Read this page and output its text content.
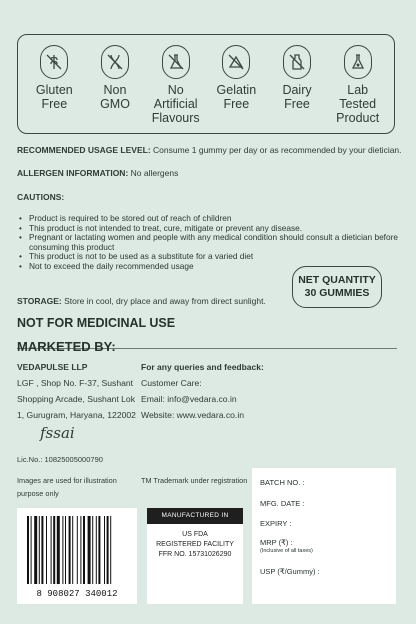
Gluten
Free
Non
GMO
No Artificial
Flavours
Gelatin
Free
Dairy
Free
Lab Tested
Product
RECOMMENDED USAGE LEVEL: Consume 1 gummy per day or as recommended by your dietician.
ALLERGEN INFORMATION: No allergens
CAUTIONS:
• Product is required to be stored out of reach of children
• This product is not intended to treat, cure, mitigate or prevent any disease.
• Pregnant or lactating women and people with any medical condition should consult a dietician before
consuming this product
• This product is not to be used as a substitute for a varied diet
• Not to exceed the daily recommended usage
NET QUANTITY
30 GUMMIES
STORAGE: Store in cool, dry place and away from direct sunlight.
NOT FOR MEDICINAL USE
MARKETED BY:
VEDAPULSE LLP
LGF , Shop No. F-37, Sushant
Shopping Arcade, Sushant Lok
1, Gurugram, Haryana, 122002
For any queries and feedback:
Customer Care:
Email: info@vedara.co.in
Website: www.vedara.co.in
fssai
Lic.No.: 10825005000790
Images are used for illustration
purpose only
TM Trademark under registration BATCH NO. :
MFG. DATE :
EXPIRY :
MRP (₹) :
(Inclusive of all taxes)
USP (₹/Gummy) :
8 908027 340012
MANUFACTURED IN
US FDA
REGISTERED FACILITY
FFR NO. 15731026290
